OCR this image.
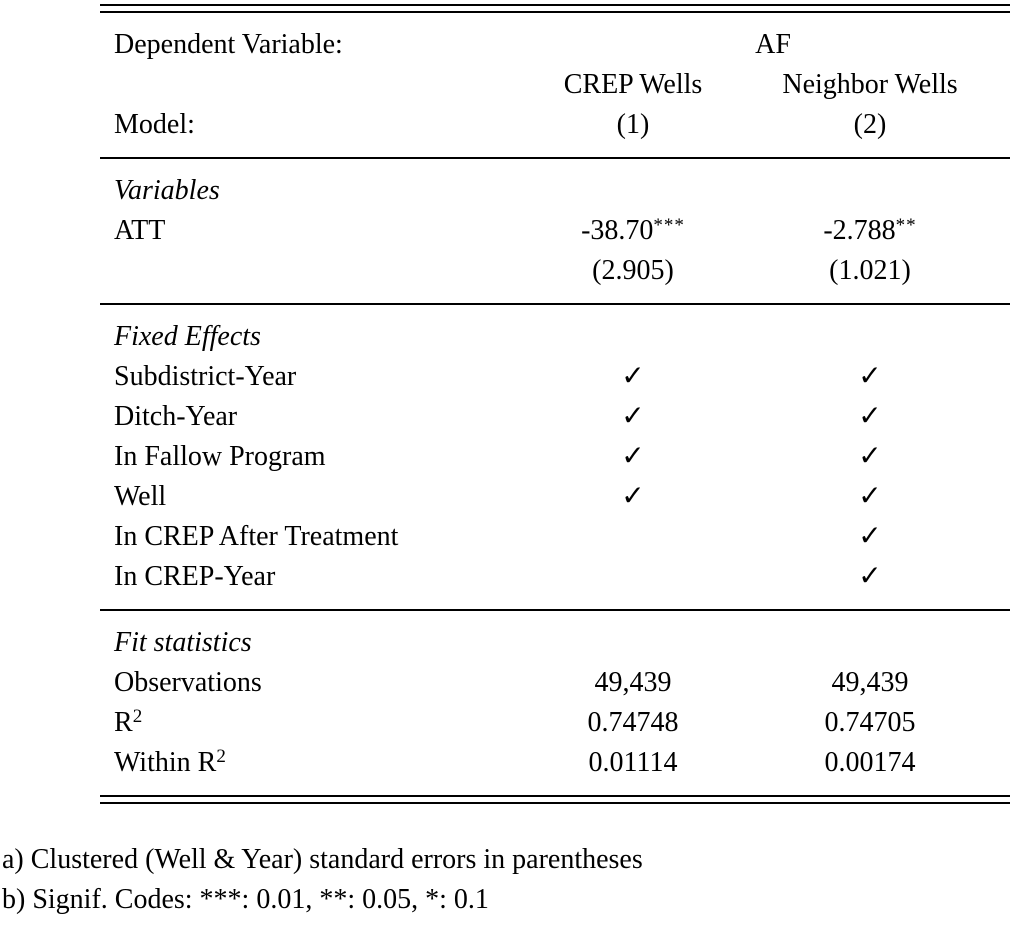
Dependent Variable:	AF	
	CREP Wells	Neighbor Wells
Model:	(1)	(2)
Variables		
ATT	-38.70***	-2.788**
	(2.905)	(1.021)
Fixed Effects		
Subdistrict-Year	✓	✓
Ditch-Year	✓	✓
In Fallow Program	✓	✓
Well	✓	✓
In CREP After Treatment		✓
In CREP-Year		✓
Fit statistics		
Observations	49,439	49,439
$R^2$	0.74748	0.74705
Within $R^2$	0.01114	0.00174
a) Clustered (Well & Year) standard errors in parentheses
b) Signif. Codes: ***: 0.01, **: 0.05, *: 0.1
